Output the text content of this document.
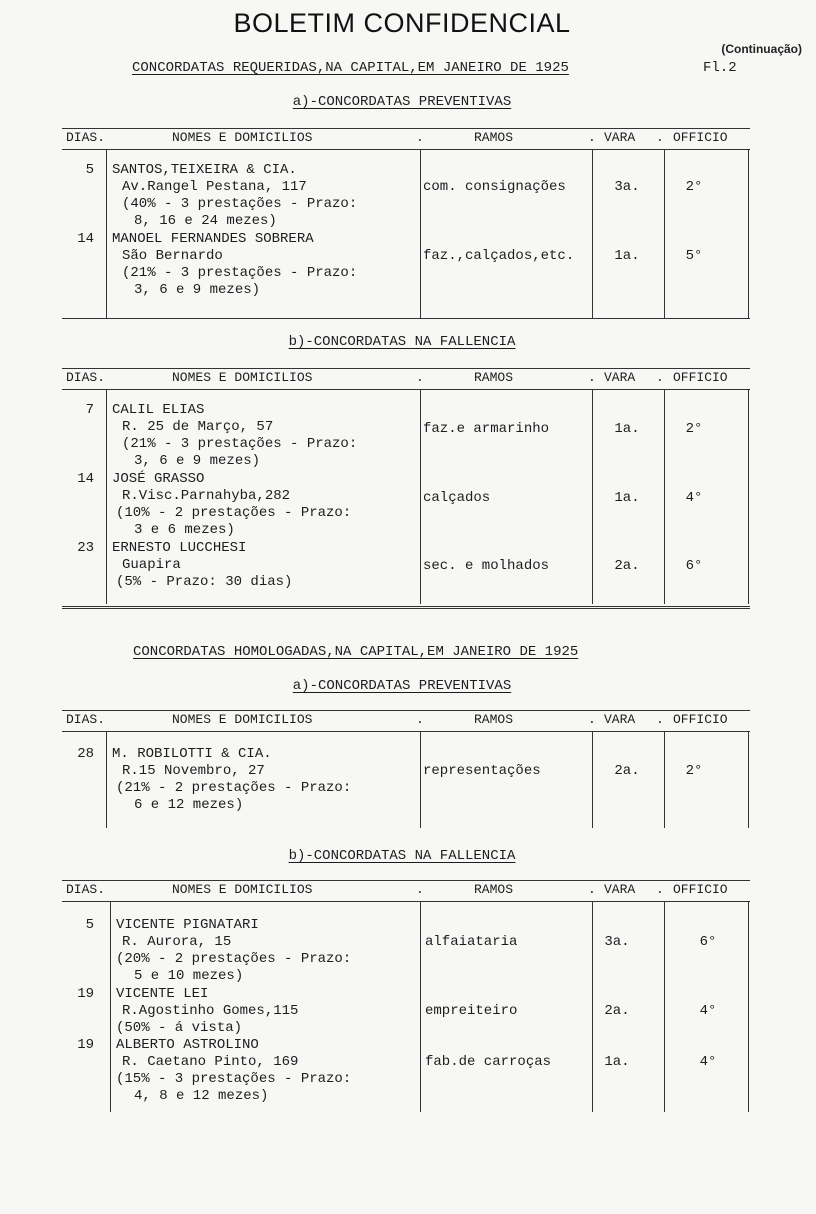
BOLETIM CONFIDENCIAL
(Continuação)
CONCORDATAS REQUERIDAS,NA CAPITAL,EM JANEIRO DE 1925	Fl.2
a)-CONCORDATAS PREVENTIVAS
DIAS.	NOMES E DOMICILIOS	.	RAMOS	. VARA . OFFICIO
5 SANTOS,TEIXEIRA & CIA.
Av.Rangel Pestana, 117
(40% - 3 prestações - Prazo:
8, 16 e 24 mezes)
com. consignações	3a.	2°
14 MANOEL FERNANDES SOBRERA
São Bernardo
(21% - 3 prestações - Prazo:
3, 6 e 9 mezes)
faz.,calçados,etc.	1a.	5°
b)-CONCORDATAS NA FALLENCIA
DIAS.	NOMES E DOMICILIOS	.	RAMOS	. VARA . OFFICIO
7 CALIL ELIAS
R. 25 de Março, 57
(21% - 3 prestações - Prazo:
3, 6 e 9 mezes)
faz.e armarinho	1a.	2°
14 JOSÉ GRASSO
R.Visc.Parnahyba,282
(10% - 2 prestações - Prazo:
3 e 6 mezes)
calçados	1a.	4°
23 ERNESTO LUCCHESI
Guapira
(5% - Prazo: 30 dias)
sec. e molhados	2a.	6°
CONCORDATAS HOMOLOGADAS,NA CAPITAL,EM JANEIRO DE 1925
a)-CONCORDATAS PREVENTIVAS
DIAS.	NOMES E DOMICILIOS	.	RAMOS	. VARA . OFFICIO
28 M. ROBILOTTI & CIA.
R.15 Novembro, 27
(21% - 2 prestações - Prazo:
6 e 12 mezes)
representações	2a.	2°
b)-CONCORDATAS NA FALLENCIA
DIAS.	NOMES E DOMICILIOS	.	RAMOS	. VARA . OFFICIO
5 VICENTE PIGNATARI
R. Aurora, 15
(20% - 2 prestações - Prazo:
5 e 10 mezes)
alfaiataria	3a.	6°
19 VICENTE LEI
R.Agostinho Gomes,115
(50% - á vista)
empreiteiro	2a.	4°
19 ALBERTO ASTROLINO
R. Caetano Pinto, 169
(15% - 3 prestações - Prazo:
4, 8 e 12 mezes)
fab.de carroças	1a.	4°
